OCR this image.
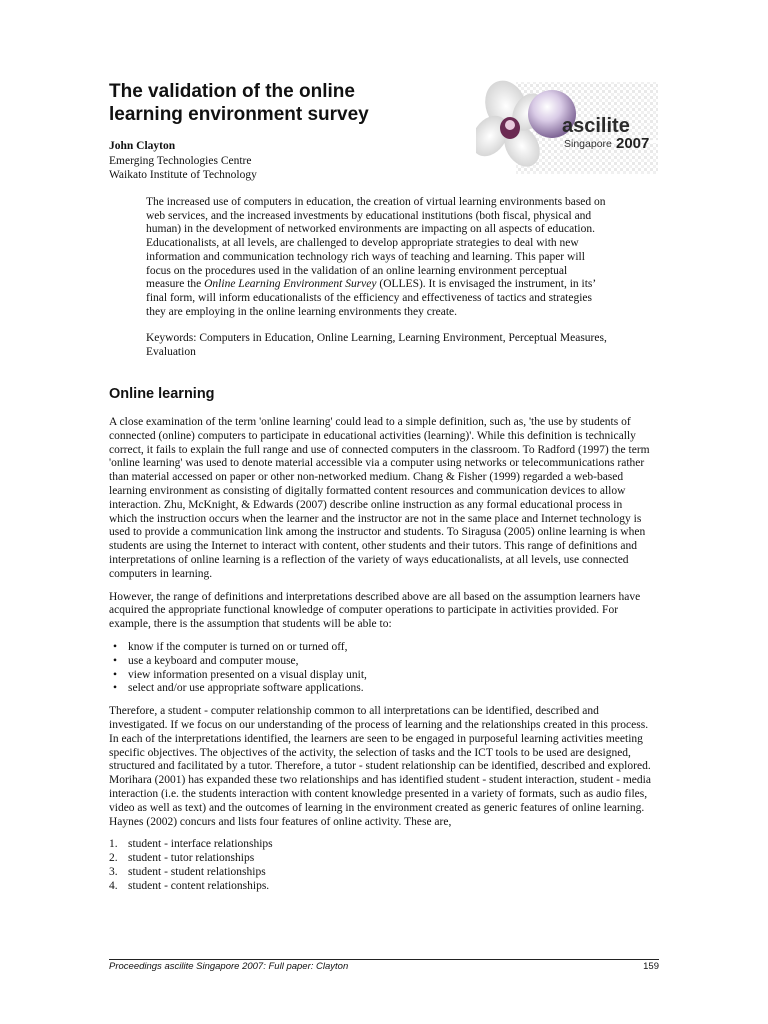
The validation of the online
learning environment survey
John Clayton
Emerging Technologies Centre
Waikato Institute of Technology
ascilite
Singapore 2007

The increased use of computers in education, the creation of virtual learning environments based on web services, and the increased investments by educational institutions (both fiscal, physical and human) in the development of networked environments are impacting on all aspects of education. Educationalists, at all levels, are challenged to develop appropriate strategies to deal with new information and communication technology rich ways of teaching and learning. This paper will focus on the procedures used in the validation of an online learning environment perceptual measure the Online Learning Environment Survey (OLLES). It is envisaged the instrument, in its’ final form, will inform educationalists of the efficiency and effectiveness of tactics and strategies they are employing in the online learning environments they create.

Keywords: Computers in Education, Online Learning, Learning Environment, Perceptual Measures, Evaluation

Online learning

A close examination of the term 'online learning' could lead to a simple definition, such as, 'the use by students of connected (online) computers to participate in educational activities (learning)'. While this definition is technically correct, it fails to explain the full range and use of connected computers in the classroom. To Radford (1997) the term 'online learning' was used to denote material accessible via a computer using networks or telecommunications rather than material accessed on paper or other non-networked medium. Chang & Fisher (1999) regarded a web-based learning environment as consisting of digitally formatted content resources and communication devices to allow interaction. Zhu, McKnight, & Edwards (2007) describe online instruction as any formal educational process in which the instruction occurs when the learner and the instructor are not in the same place and Internet technology is used to provide a communication link among the instructor and students. To Siragusa (2005) online learning is when students are using the Internet to interact with content, other students and their tutors. This range of definitions and interpretations of online learning is a reflection of the variety of ways educationalists, at all levels, use connected computers in learning.

However, the range of definitions and interpretations described above are all based on the assumption learners have acquired the appropriate functional knowledge of computer operations to participate in activities provided. For example, there is the assumption that students will be able to:

• know if the computer is turned on or turned off,
• use a keyboard and computer mouse,
• view information presented on a visual display unit,
• select and/or use appropriate software applications.

Therefore, a student - computer relationship common to all interpretations can be identified, described and investigated. If we focus on our understanding of the process of learning and the relationships created in this process. In each of the interpretations identified, the learners are seen to be engaged in purposeful learning activities meeting specific objectives. The objectives of the activity, the selection of tasks and the ICT tools to be used are designed, structured and facilitated by a tutor. Therefore, a tutor - student relationship can be identified, described and explored. Morihara (2001) has expanded these two relationships and has identified student - student interaction, student - media interaction (i.e. the students interaction with content knowledge presented in a variety of formats, such as audio files, video as well as text) and the outcomes of learning in the environment created as generic features of online learning. Haynes (2002) concurs and lists four features of online activity. These are,

1. student - interface relationships
2. student - tutor relationships
3. student - student relationships
4. student - content relationships.
Proceedings ascilite Singapore 2007: Full paper: Clayton	159
